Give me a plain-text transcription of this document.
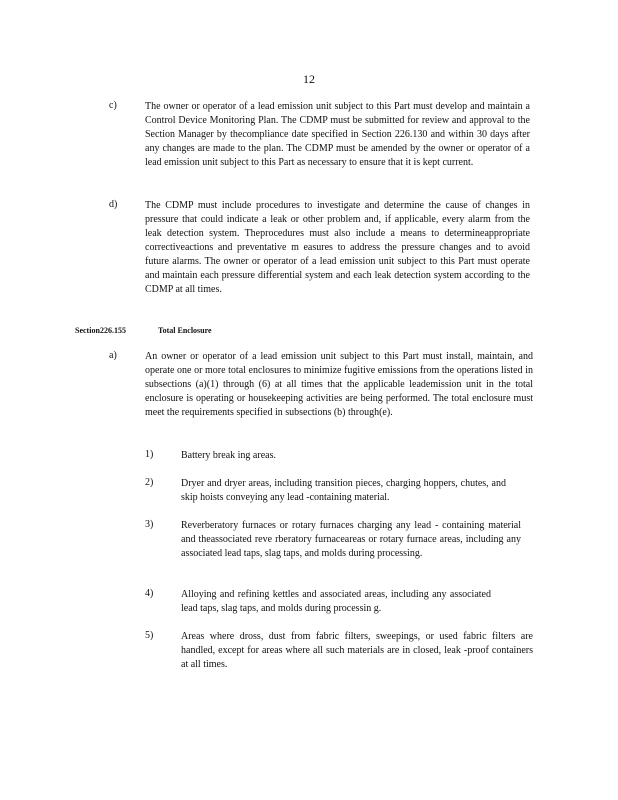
12
c)	The owner or operator of a lead emission unit subject to this Part must develop and maintain a Control Device Monitoring Plan. The CDMP must be submitted for review and approval to the Section Manager by thecompliance date specified in Section 226.130 and within 30 days after any changes are made to the plan. The CDMP must be amended by the owner or operator of a lead emission unit subject to this Part as necessary to ensure that it is kept current.
d)	The CDMP must include procedures to investigate and determine the cause of changes in pressure that could indicate a leak or other problem and, if applicable, every alarm from the leak detection system. Theprocedures must also include a means to determineappropriate correctiveactions and preventative m easures to address the pressure changes and to avoid future alarms. The owner or operator of a lead emission unit subject to this Part must operate and maintain each pressure differential system and each leak detection system according to the CDMP at all times.
Section 226.155	Total Enclosure
a)	An owner or operator of a lead emission unit subject to this Part must install, maintain, and operate one or more total enclosures to minimize fugitive emissions from the operations listed in subsections (a)(1) through (6) at all times that the applicable leademission unit in the total enclosure is operating or housekeeping activities are being performed. The total enclosure must meet the requirements specified in subsections (b) through(e).
1)	Battery break ing areas.
2)	Dryer and dryer areas, including transition pieces, charging hoppers, chutes, and skip hoists conveying any lead -containing material.
3)	Reverberatory furnaces or rotary furnaces charging any lead - containing material and theassociated reve rberatory furnaceareas or rotary furnace areas, including any associated lead taps, slag taps, and molds during processing.
4)	Alloying and refining kettles and associated areas, including any associated lead taps, slag taps, and molds during processin g.
5)	Areas where dross, dust from fabric filters, sweepings, or used fabric filters are handled, except for areas where all such materials are in closed, leak -proof containers at all times.
